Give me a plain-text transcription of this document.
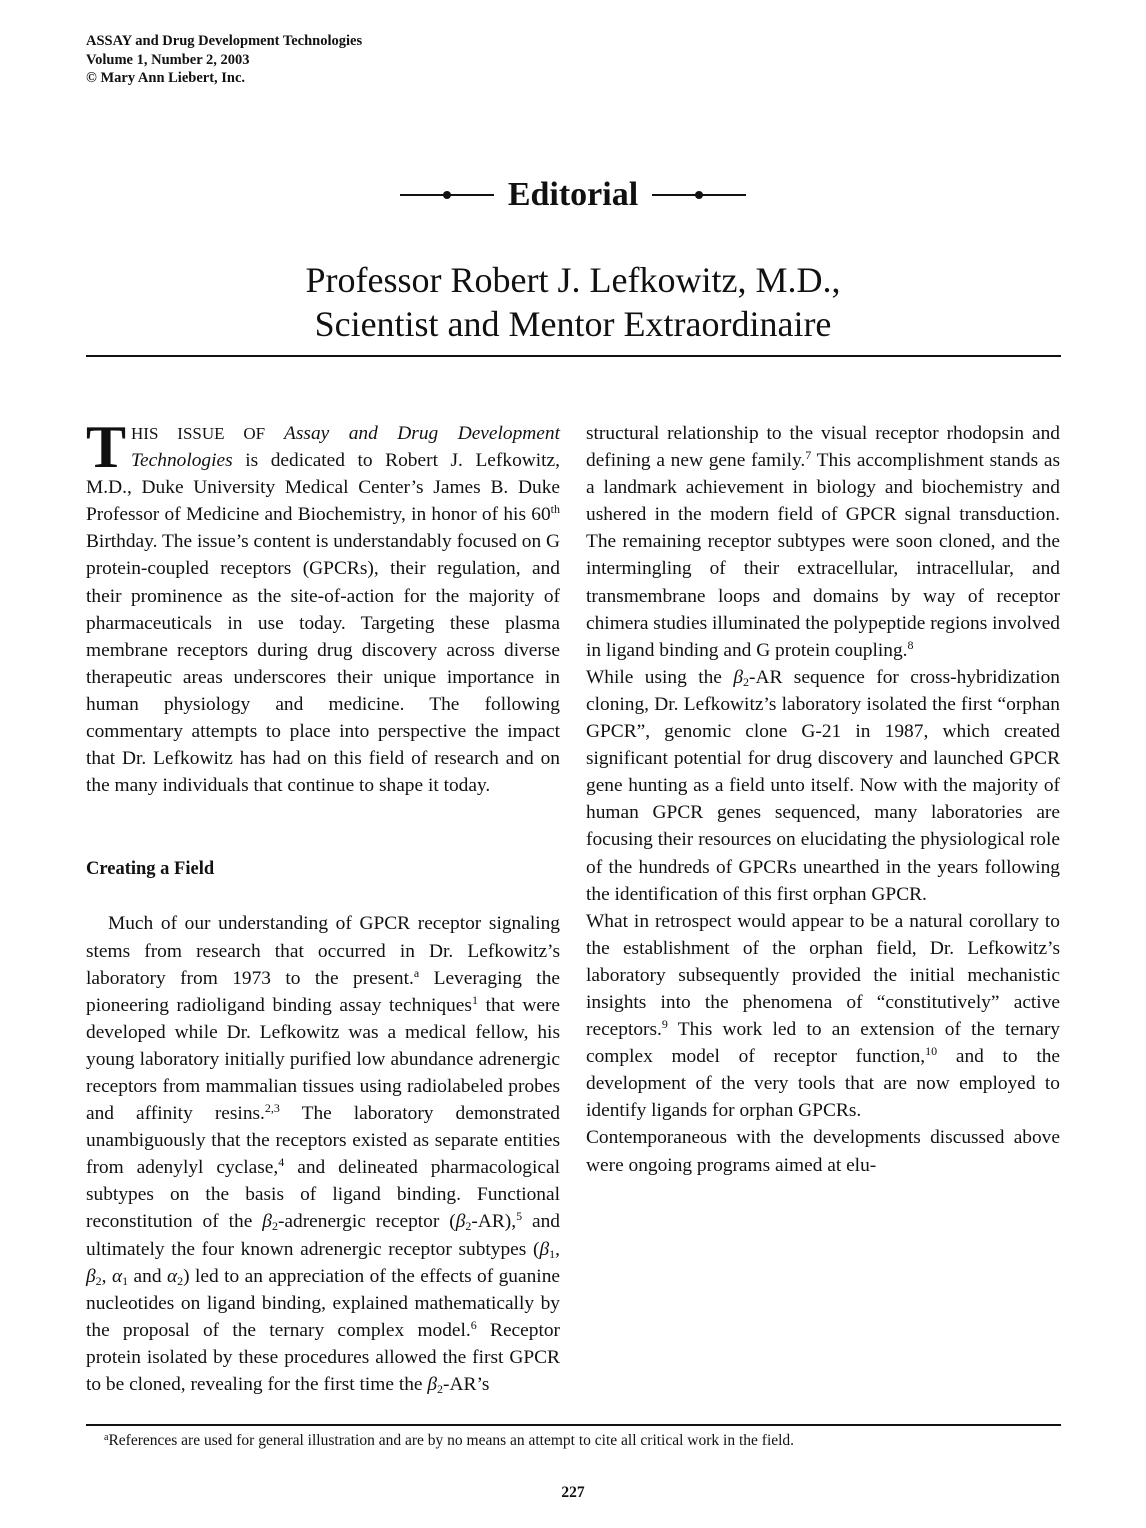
ASSAY and Drug Development Technologies
Volume 1, Number 2, 2003
© Mary Ann Liebert, Inc.
Editorial
Professor Robert J. Lefkowitz, M.D.,
Scientist and Mentor Extraordinaire

THIS ISSUE OF Assay and Drug Development Technologies is dedicated to Robert J. Lefkowitz, M.D., Duke University Medical Center’s James B. Duke Professor of Medicine and Biochemistry, in honor of his 60th Birthday. The issue’s content is understandably focused on G protein-coupled receptors (GPCRs), their regulation, and their prominence as the site-of-action for the majority of pharmaceuticals in use today. Targeting these plasma membrane receptors during drug discovery across diverse therapeutic areas underscores their unique importance in human physiology and medicine. The following commentary attempts to place into perspective the impact that Dr. Lefkowitz has had on this field of research and on the many individuals that continue to shape it today.

Creating a Field

Much of our understanding of GPCR receptor signaling stems from research that occurred in Dr. Lefkowitz’s laboratory from 1973 to the present.$^a$ Leveraging the pioneering radioligand binding assay techniques$^1$ that were developed while Dr. Lefkowitz was a medical fellow, his young laboratory initially purified low abundance adrenergic receptors from mammalian tissues using radiolabeled probes and affinity resins.$^{2,3}$ The laboratory demonstrated unambiguously that the receptors existed as separate entities from adenylyl cyclase,$^4$ and delineated pharmacological subtypes on the basis of ligand binding. Functional reconstitution of the $\beta_2$-adrenergic receptor $(\beta_2-AR),^5$ and ultimately the four known adrenergic receptor subtypes ($\beta_1$, $\beta_2$, $\alpha_1$ and $\alpha_2$) led to an appreciation of the effects of guanine nucleotides on ligand binding, explained mathematically by the proposal of the ternary complex model.$^6$ Receptor protein isolated by these procedures allowed the first GPCR to be cloned, revealing for the first time the $\beta_2-AR’s$

structural relationship to the visual receptor rhodopsin and defining a new gene family.$^7$ This accomplishment stands as a landmark achievement in biology and biochemistry and ushered in the modern field of GPCR signal transduction. The remaining receptor subtypes were soon cloned, and the intermingling of their extracellular, intracellular, and transmembrane loops and domains by way of receptor chimera studies illuminated the polypeptide regions involved in ligand binding and G protein coupling.$^8$

While using the $\beta_2-AR$ sequence for cross-hybridization cloning, Dr. Lefkowitz’s laboratory isolated the first “orphan GPCR”, genomic clone G-21 in 1987, which created significant potential for drug discovery and launched GPCR gene hunting as a field unto itself. Now with the majority of human GPCR genes sequenced, many laboratories are focusing their resources on elucidating the physiological role of the hundreds of GPCRs unearthed in the years following the identification of this first orphan GPCR.

What in retrospect would appear to be a natural corollary to the establishment of the orphan field, Dr. Lefkowitz’s laboratory subsequently provided the initial mechanistic insights into the phenomena of “constitutively” active receptors.$^9$ This work led to an extension of the ternary complex model of receptor function,$^{10}$ and to the development of the very tools that are now employed to identify ligands for orphan GPCRs.

Contemporaneous with the developments discussed above were ongoing programs aimed at elu-

$^a$References are used for general illustration and are by no means an attempt to cite all critical work in the field.
227
